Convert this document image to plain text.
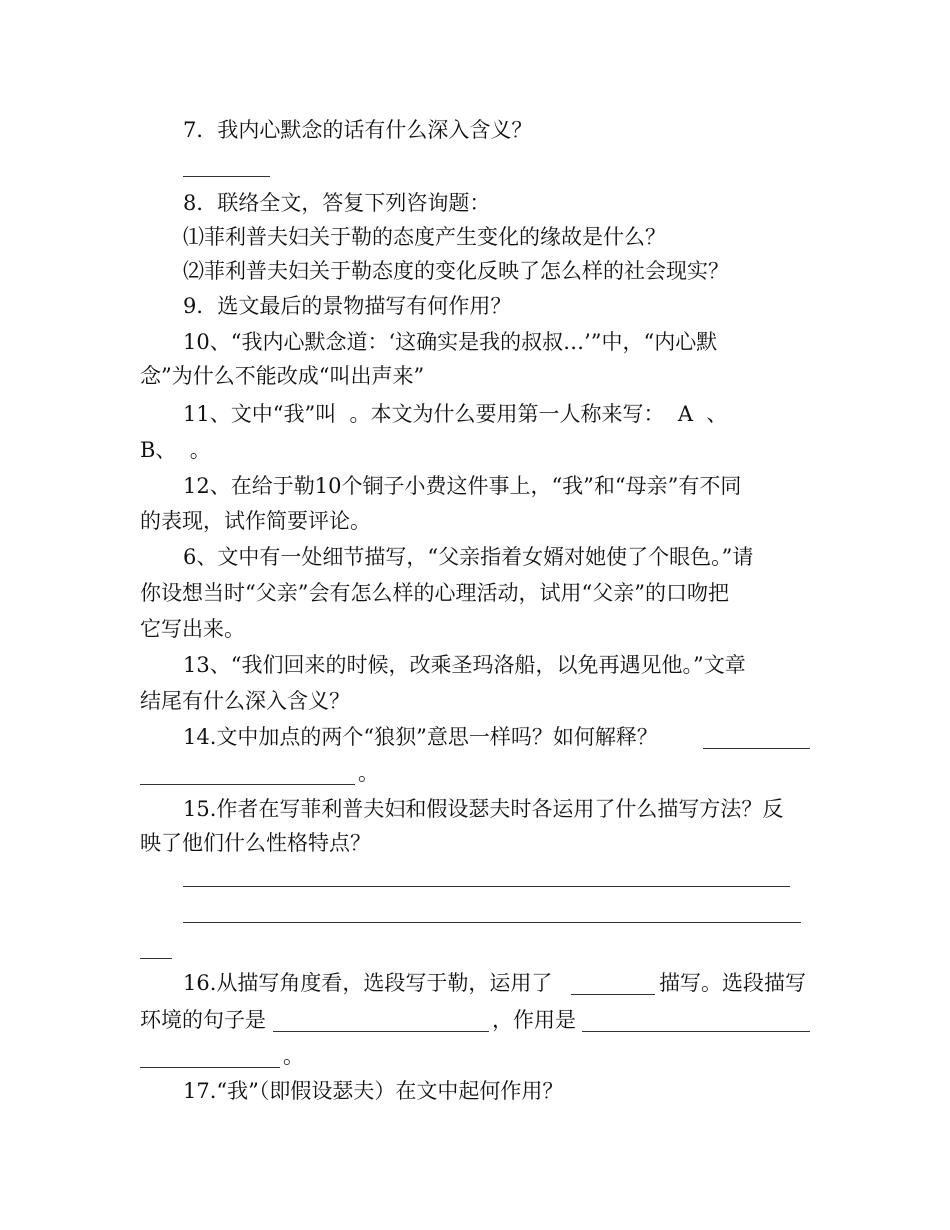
7．我内心默念的话有什么深入含义？
8．联络全文，答复下列咨询题：
⑴菲利普夫妇关于勒的态度产生变化的缘故是什么？
⑵菲利普夫妇关于勒态度的变化反映了怎么样的社会现实？
9．选文最后的景物描写有何作用？
10、“我内心默念道：‘这确实是我的叔叔…’”中，“内心默
念”为什么不能改成“叫出声来”
11、文中“我”叫  。本文为什么要用第一人称来写：  A  、
B、  。
12、在给于勒10个铜子小费这件事上，“我”和“母亲”有不同
的表现，试作简要评论。
6、文中有一处细节描写，“父亲指着女婿对她使了个眼色。”请
你设想当时“父亲”会有怎么样的心理活动，试用“父亲”的口吻把
它写出来。
13、“我们回来的时候，改乘圣玛洛船，以免再遇见他。”文章
结尾有什么深入含义？
14.文中加点的两个“狼狈”意思一样吗？如何解释？
。
15.作者在写菲利普夫妇和假设瑟夫时各运用了什么描写方法？反
映了他们什么性格特点？
16.从描写角度看，选段写于勒，运用了	描写。选段描写
环境的句子是	，作用是
。
17.“我”（即假设瑟夫）在文中起何作用？
